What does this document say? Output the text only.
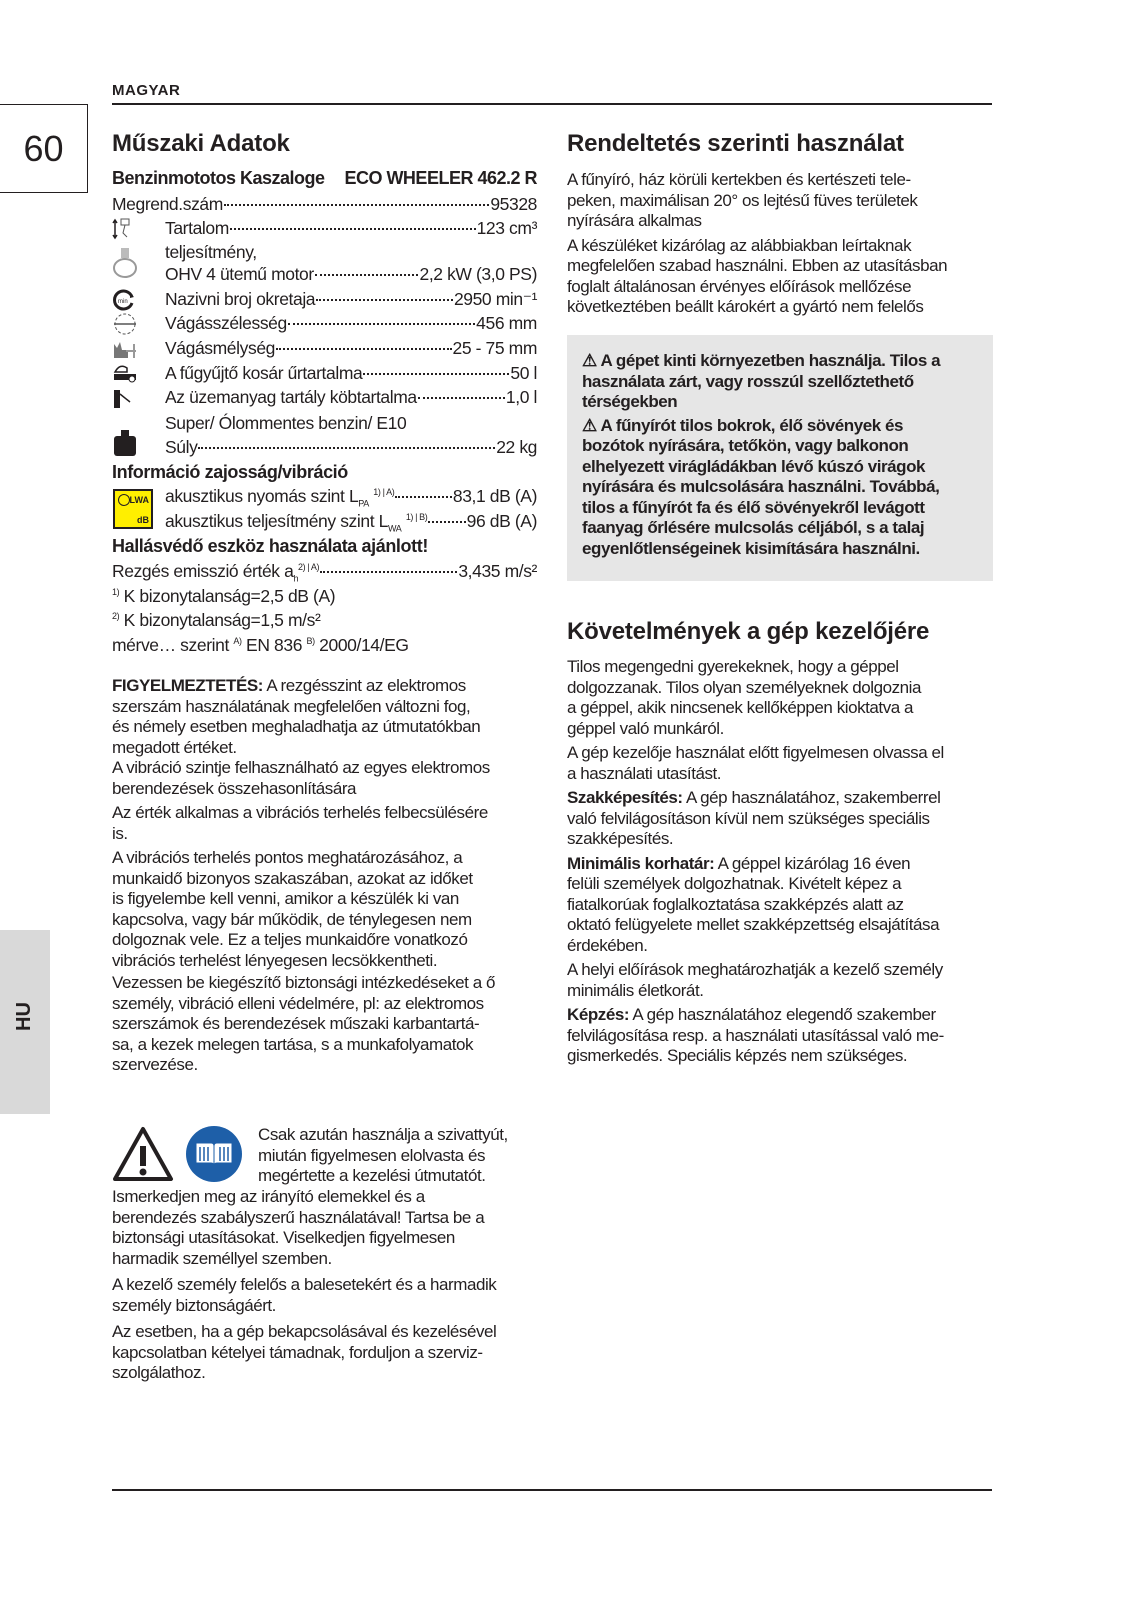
MAGYAR
60
HU
Műszaki Adatok
Benzinmototos Kaszaloge ECO WHEELER 462.2 R
Megrend.szám	95328
Tartalom	123 cm³
teljesítmény,
OHV 4 ütemű motor	2,2 kW (3,0 PS)
Nazivni broj okretaja	2950 min⁻¹
Vágásszélesség	456 mm
Vágásmélység	25 - 75 mm
A fűgyűjtő kosár űrtartalma	50 l
Az üzemanyag tartály köbtartalma	1,0 l
Super/ Ólommentes benzin/ E10
Súly	22 kg
min
Információ zajosság/vibráció
LWA
dB
akusztikus nyomás szint $L_{PA}$ $^{1) | A)}$	83,1 dB (A)
akusztikus teljesítmény szint $L_{WA}$ $^{1) | B)}$ 96 dB (A)
Hallásvédő eszköz használata ajánlott!
Rezgés emisszió érték $a_h^{2) | A)}$	3,435 m/s²
$^{1)}$ K bizonytalanság=2,5 dB (A)
$^{2)}$ K bizonytalanság=1,5 m/s²
mérve… szerint $^{A)}$ EN 836 $^{B)}$ 2000/14/EG

FIGYELMEZTETÉS: A rezgésszint az elektromos
szerszám használatának megfelelően változni fog,
és némely esetben meghaladhatja az útmutatókban
megadott értéket.
A vibráció szintje felhasználható az egyes elektromos
berendezések összehasonlítására

Az érték alkalmas a vibrációs terhelés felbecsülésére
is.

A vibrációs terhelés pontos meghatározásához, a
munkaidő bizonyos szakaszában, azokat az időket
is figyelembe kell venni, amikor a készülék ki van
kapcsolva, vagy bár működik, de ténylegesen nem
dolgoznak vele. Ez a teljes munkaidőre vonatkozó
vibrációs terhelést lényegesen lecsökkentheti.

Vezessen be kiegészítő biztonsági intézkedéseket a ő
személy, vibráció elleni védelmére, pl: az elektromos
szerszámok és berendezések műszaki karbantartá-
sa, a kezek melegen tartása, s a munkafolyamatok
szervezése.

Csak azután használja a szivattyút,
miután figyelmesen elolvasta és
megértette a kezelési útmutatót.

Ismerkedjen meg az irányító elemekkel és a
berendezés szabályszerű használatával! Tartsa be a
biztonsági utasításokat. Viselkedjen figyelmesen
harmadik személlyel szemben.

A kezelő személy felelős a balesetekért és a harmadik
személy biztonságáért.

Az esetben, ha a gép bekapcsolásával és kezelésével
kapcsolatban kételyei támadnak, forduljon a szerviz-
szolgálathoz.

Rendeltetés szerinti használat

A fűnyíró, ház körüli kertekben és kertészeti tele-
peken, maximálisan 20° os lejtésű füves területek
nyírására alkalmas

A készüléket kizárólag az alábbiakban leírtaknak
megfelelően szabad használni. Ebben az utasításban
foglalt általánosan érvényes előírások mellőzése
következtében beállt károkért a gyártó nem felelős

⚠ A gépet kinti környezetben használja. Tilos a
használata zárt, vagy rosszúl szellőztethető
térségekben

⚠ A fűnyírót tilos bokrok, élő sövények és
bozótok nyírására, tetőkön, vagy balkonon
elhelyezett virágládákban lévő kúszó virágok
nyírására és mulcsolására használni. Továbbá,
tilos a fűnyírót fa és élő sövényekről levágott
faanyag őrlésére mulcsolás céljából, s a talaj
egyenlőtlenségeinek kisimítására használni.

Követelmények a gép kezelőjére

Tilos megengedni gyerekeknek, hogy a géppel
dolgozzanak. Tilos olyan személyeknek dolgoznia
a géppel, akik nincsenek kellőképpen kioktatva a
géppel való munkáról.

A gép kezelője használat előtt figyelmesen olvassa el
a használati utasítást.

Szakképesítés: A gép használatához, szakemberrel
való felvilágosításon kívül nem szükséges speciális
szakképesítés.

Minimális korhatár: A géppel kizárólag 16 éven
felüli személyek dolgozhatnak. Kivételt képez a
fiatalkorúak foglalkoztatása szakképzés alatt az
oktató felügyelete mellet szakképzettség elsajátítása
érdekében.

A helyi előírások meghatározhatják a kezelő személy
minimális életkorát.

Képzés: A gép használatához elegendő szakember
felvilágosítása resp. a használati utasítással való me-
gismerkedés. Speciális képzés nem szükséges.
